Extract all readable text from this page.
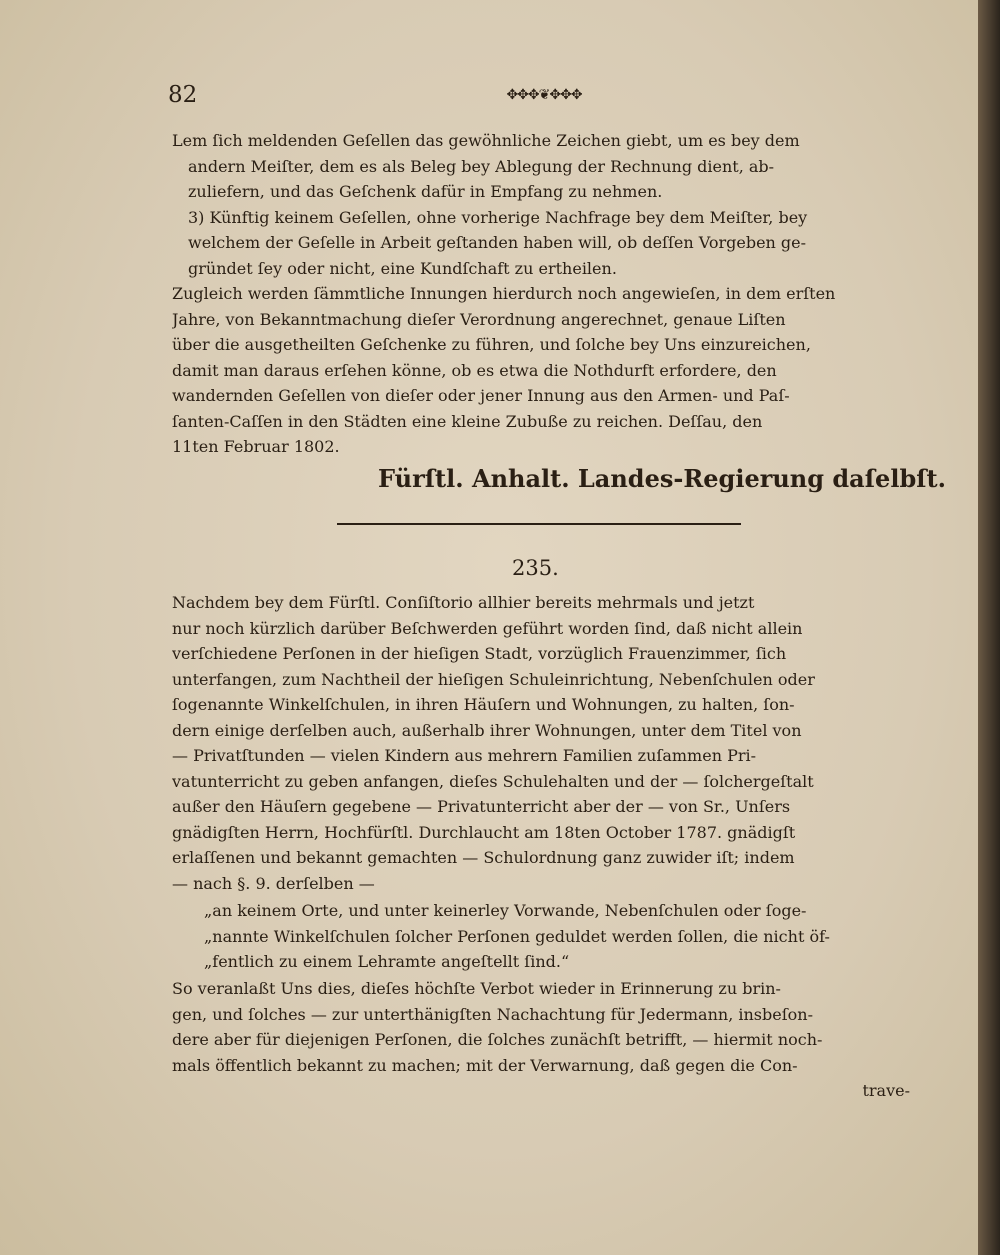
82	✥✥✥❦✥✥✥
Lem ſich meldenden Geſellen das gewöhnliche Zeichen giebt, um es bey dem
andern Meiſter, dem es als Beleg bey Ablegung der Rechnung dient, ab-
zuliefern, und das Geſchenk dafür in Empfang zu nehmen.
3) Künftig keinem Geſellen, ohne vorherige Nachfrage bey dem Meiſter, bey
welchem der Geſelle in Arbeit geſtanden haben will, ob deſſen Vorgeben ge-
gründet ſey oder nicht, eine Kundſchaft zu ertheilen.
Zugleich werden ſämmtliche Innungen hierdurch noch angewieſen, in dem erſten
Jahre, von Bekanntmachung dieſer Verordnung angerechnet, genaue Liſten
über die ausgetheilten Geſchenke zu führen, und ſolche bey Uns einzureichen,
damit man daraus erſehen könne, ob es etwa die Nothdurft erfordere, den
wandernden Geſellen von dieſer oder jener Innung aus den Armen- und Paſ-
ſanten-Caſſen in den Städten eine kleine Zubuße zu reichen. Deſſau, den
11ten Februar 1802.
Fürſtl. Anhalt. Landes-Regierung daſelbſt.
235.
Nachdem bey dem Fürſtl. Conſiſtorio allhier bereits mehrmals und jetzt
nur noch kürzlich darüber Beſchwerden geführt worden ſind, daß nicht allein
verſchiedene Perſonen in der hieſigen Stadt, vorzüglich Frauenzimmer, ſich
unterfangen, zum Nachtheil der hieſigen Schuleinrichtung, Nebenſchulen oder
ſogenannte Winkelſchulen, in ihren Häuſern und Wohnungen, zu halten, ſon-
dern einige derſelben auch, außerhalb ihrer Wohnungen, unter dem Titel von
— Privatſtunden — vielen Kindern aus mehrern Familien zuſammen Pri-
vatunterricht zu geben anfangen, dieſes Schulehalten und der — ſolchergeſtalt
außer den Häuſern gegebene — Privatunterricht aber der — von Sr., Unſers
gnädigſten Herrn, Hochfürſtl. Durchlaucht am 18ten October 1787. gnädigſt
erlaſſenen und bekannt gemachten — Schulordnung ganz zuwider iſt; indem
— nach §. 9. derſelben —
„an keinem Orte, und unter keinerley Vorwande, Nebenſchulen oder ſoge-
„nannte Winkelſchulen ſolcher Perſonen geduldet werden ſollen, die nicht öf-
„fentlich zu einem Lehramte angeſtellt ſind.“
So veranlaßt Uns dies, dieſes höchſte Verbot wieder in Erinnerung zu brin-
gen, und ſolches — zur unterthänigſten Nachachtung für Jedermann, insbeſon-
dere aber für diejenigen Perſonen, die ſolches zunächſt betrifft, — hiermit noch-
mals öffentlich bekannt zu machen; mit der Verwarnung, daß gegen die Con-
trave-
